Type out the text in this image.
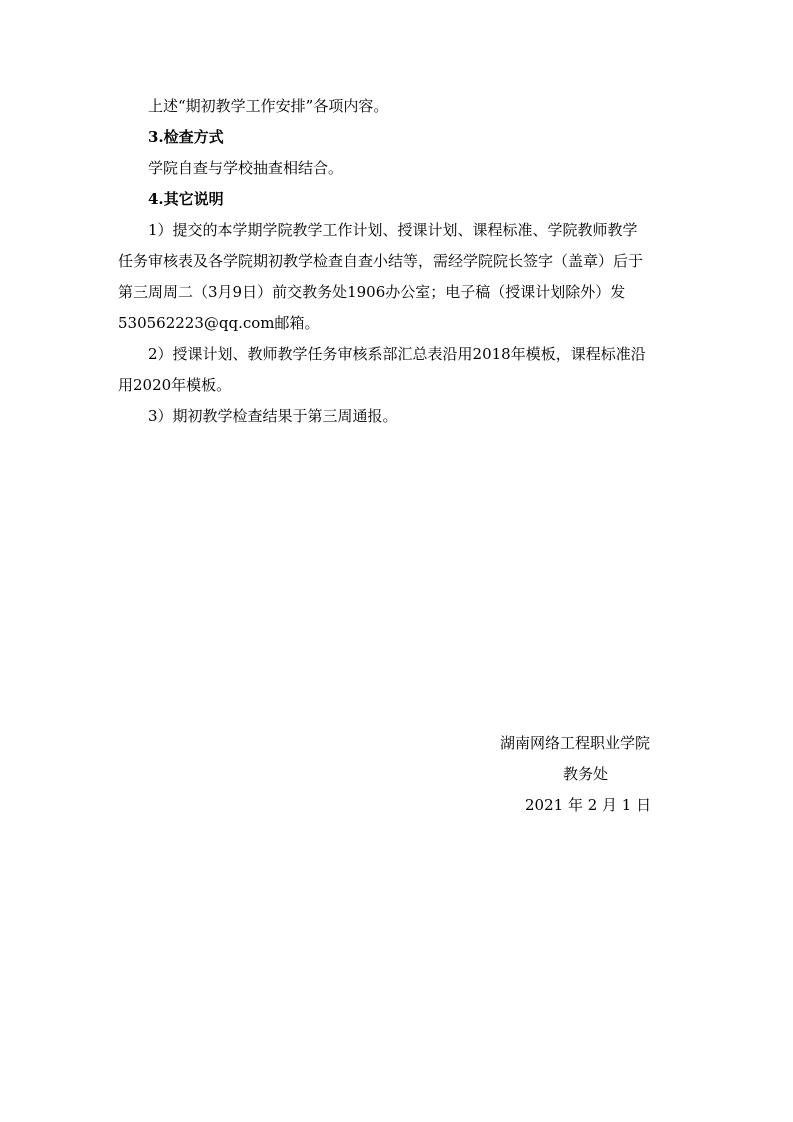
上述“期初教学工作安排”各项内容。
3.检查方式
学院自查与学校抽查相结合。
4.其它说明
1）提交的本学期学院教学工作计划、授课计划、课程标准、学院教师教学
任务审核表及各学院期初教学检查自查小结等，需经学院院长签字（盖章）后于
第三周周二（3月9日）前交教务处1906办公室；电子稿（授课计划除外）发
530562223@qq.com邮箱。
2）授课计划、教师教学任务审核系部汇总表沿用2018年模板，课程标准沿
用2020年模板。
3）期初教学检查结果于第三周通报。
湖南网络工程职业学院
教务处
2021 年 2 月 1 日
